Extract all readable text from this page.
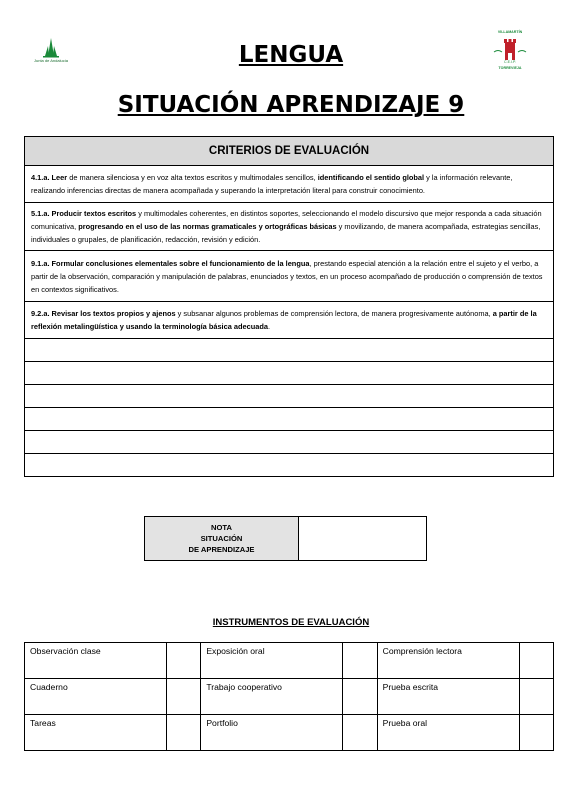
Junta de Andalucía
VILLAMARTÍN
C.E.I.P.
TORREVIEJA
LENGUA
SITUACIÓN APRENDIZAJE 9
CRITERIOS DE EVALUACIÓN
4.1.a. Leer de manera silenciosa y en voz alta textos escritos y multimodales sencillos, identificando el sentido global y la información relevante, realizando inferencias directas de manera acompañada y superando la interpretación literal para construir conocimiento.
5.1.a. Producir textos escritos y multimodales coherentes, en distintos soportes, seleccionando el modelo discursivo que mejor responda a cada situación comunicativa, progresando en el uso de las normas gramaticales y ortográficas básicas y movilizando, de manera acompañada, estrategias sencillas, individuales o grupales, de planificación, redacción, revisión y edición.
9.1.a. Formular conclusiones elementales sobre el funcionamiento de la lengua, prestando especial atención a la relación entre el sujeto y el verbo, a partir de la observación, comparación y manipulación de palabras, enunciados y textos, en un proceso acompañado de producción o comprensión de textos en contextos significativos.
9.2.a. Revisar los textos propios y ajenos y subsanar algunos problemas de comprensión lectora, de manera progresivamente autónoma, a partir de la reflexión metalingüística y usando la terminología básica adecuada.

NOTA
SITUACIÓN
DE APRENDIZAJE

INSTRUMENTOS DE EVALUACIÓN
Observación clase		Exposición oral		Comprensión lectora	
Cuaderno		Trabajo cooperativo		Prueba escrita	
Tareas		Portfolio		Prueba oral	
